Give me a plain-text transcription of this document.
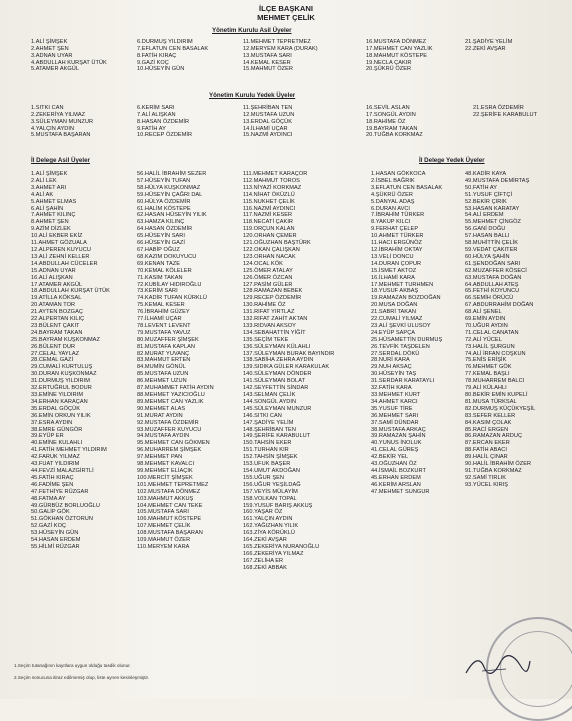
İLÇE BAŞKANI
MEHMET ÇELİK
Yönetim Kurulu Asil Üyeler
1.ALİ ŞİMŞEK
2.AHMET ŞEN
3.ADNAN UYAR
4.ABDULLAH KURŞAT ÜTÜK
5.ATAMER AKGÜL
6.DURMUŞ YILDIRIM
7.EFLATUN CEN BASALAK
8.FATİH KIRAÇ
9.GAZİ KOÇ
10.HÜSEYİN GÜN
11.MEHMET TEPRETMEZ
12.MERYEM KARA (DURAK)
13.MUSTAFA SARI
14.KEMAL KESER
15.MAHMUT ÖZER
16.MUSTAFA DÖNMEZ
17.MEHMET CAN YAZLIK
18.MAHMUT KÖSTEPE
19.NECLA ÇAKIR
20.ŞÜKRÜ ÖZER
21.ŞADİYE YELİM
22.ZEKİ AVŞAR
Yönetim Kurulu Yedek Üyeler
1.SITKI CAN
2.ZEKERİYA YILMAZ
3.SÜLEYMAN MUNZUR
4.YALÇIN AYDIN
5.MUSTAFA BAŞARAN
6.KERİM SARI
7.ALİ ALIŞKAN
8.HASAN ÖZDEMİR
9.FATİH AY
10.RECEP ÖZDEMİR
11.ŞEHRİBAN TEN
12.MUSTAFA UZUN
13.ERDAL GÖÇÜK
14.İLHAMİ UÇAR
15.NAZMİ AYDINCI
16.SEVİL ASLAN
17.SONGÜL AYDIN
18.RAHİME ÖZ
19.BAYRAM TAKAN
20.TUĞBA KORKMAZ
21.ESRA ÖZDEMİR
22.ŞERİFE KARABULUT
İl Delege Asil Üyeler	İl Delege Yedek Üyeler
1.ALİ ŞİMŞEK
2.ALİ LEK
3.AHMET ARI
4.ALİ AK
5.AHMET ELMAS
6.ALİ ŞAHİN
7.AHMET KILINÇ
8.AHMET ŞEN
9.AZİM DİZLEK
10.ALİ EKBER EKİZ
11.AHMET GÖZUALA
12.ALPEREN KUYUCU
13.ALİ ZEHNİ KELLER
14.ABDULLAH CÜCELER
15.ADNAN UYAR
16.ALİ ALIŞKAN
17.ATAMER AKGÜL
18.ABDULLAH KURŞAT ÜTÜK
19.ATİLLA KÖKSAL
20.ATAMAN TOR
21.AYTEN BOZGAÇ
22.ALPERTAN KILIÇ
23.BÜLENT ÇAKIT
24.BAYRAM TAKAN
25.BAYRAM KUŞKONMAZ
26.BÜLENT DUR
27.CELAL YAYLAZ
28.CEMAL GAZİ
29.CUMALİ KURTULUŞ
30.DURAN KUŞKONMAZ
31.DURMUŞ YILDIRIM
32.ERTUĞRUL BODUR
33.EMİNE YILDIRIM
34.ERHAN KARAÇAN
35.ERDAL GÖÇÜK
36.EMİN ORKUN YILIK
37.ESRA AYDIN
38.EMRE GÜNGÖR
39.EYÜP ER
40.EMİNE KULAHLI
41.FATİH MEHMET YILDIRIM
42.FARUK YILMAZ
43.FUAT YILDIRIM
44.FEVZİ MALAZGİRTLİ
45.FATİH KIRAÇ
46.FADİME ŞEN
47.FETHİYE RÜZGAR
48.FATMA AY
49.GÜRBÜZ BORLUOĞLU
50.GALİP GÖK
51.GÖKHAN ÖZTORUN
52.GAZİ KOÇ
53.HÜSEYİN GÜN
54.HASAN ERDEM
55.HİLMİ RÜZGAR
56.HALİL İBRAHİM SEZER
57.HÜSEYİN TUFAN
58.HÜLYA KUŞKONMAZ
59.HÜSEYİN ÇAĞRI DAL
60.HÜLYA ÖZDEMİR
61.HALİM KÖSTEPE
62.HASAN HÜSEYİN YILIK
63.HAMZA KILINÇ
64.HASAN ÖZDEMİR
65.HÜSEYİN SARI
66.HÜSEYİN GAZİ
67.HABİP OĞUZ
68.KAZIM DOKUYUCU
69.KENAN TAZE
70.KEMAL KÖLELER
71.KASIM TAKAN
72.KUBİLAY HIDIROĞLU
73.KERİM SARI
74.KADİR TUFAN KÜRKLÜ
75.KEMAL KESER
76.İBRAHİM GÜZEY
77.İLHAMİ UÇAR
78.LEVENT LEVENT
79.MUSTAFA YAVUZ
80.MUZAFFER ŞİMŞEK
81.MUSTAFA KAPLAN
82.MURAT YUVANÇ
83.MAHMUT ERTEN
84.MUMİN GÖNÜL
85.MUSTAFA UZUN
86.MEHMET UZUN
87.MUHAMMET FATİH AYDIN
88.MEHMET YAZICIOĞLU
89.MEHMET CAN YAZLIK
90.MEHMET ALAS
91.MURAT AYDIN
92.MUSTAFA ÖZDEMİR
93.MUZAFFER KUYUCU
94.MUSTAFA AYDIN
95.MEHMET CAN GÖKMEN
96.MUHARREM ŞİMŞEK
97.MEHMET PAN
98.MEHMET KAVALCI
99.MEHMET ELİAÇIK
100.MERCİT ŞİMŞEK
101.MEHMET TEPRETMEZ
102.MUSTAFA DÖNMEZ
103.MAHMUT AKKUŞ
104.MEHMET CAN TEKE
105.MUSTAFA SARI
106.MAHMUT KÖSTEPE
107.MEHMET ÇELİK
108.MUSTAFA BAŞARAN
109.MAHMUT ÖZER
110.MERYEM KARA
111.MEHMET KARAÇOR
112.MAHMUT TOROS
113.NİYAZİ KORKMAZ
114.NİHAT ÖKÜZLÜ
115.NUKHET ÇELİK
116.NAZMİ AYDINCI
117.NAZMİ KESER
118.NECATİ ÇAKIR
119.ORÇUN KALAN
120.ORHAN ÇEMER
121.OĞUZHAN BAŞTÜRK
122.OKAN ÇALIŞKAN
123.ORHAN NACAK
124.OCAL KÖK
125.ÖMER ATALAY
126.ÖMER ÖZCAN
127.PASİM GÜLER
128.RAMAZAN BEBEK
129.RECEP ÖZDEMİR
130.RAHİME ÖZ
131.RIFAT YIRTLAZ
132.RIFAT ZAHİT AKTAN
133.RIDVAN AKSOY
134.SEBAHATTİN YİĞİT
135.SEÇİM TEKE
136.SÜLEYMAN KÜLAHLI
137.SÜLEYMAN BURAK BAYINDIR
138.SABİHA ZEHRA AYDIN
139.SIDIKA GÜLER KARAKULAK
140.SÜLEYMAN DÖNDER
141.SÜLEYMAN BOLAT
142.SEYFETTİN SİNDAR
143.SELMAN ÇELİK
144.SONGÜL AYDIN
145.SÜLEYMAN MUNZUR
146.SITKI CAN
147.ŞADİYE YELİM
148.ŞEHRİBAN TEN
149.ŞERİFE KARABULUT
150.TAHSİN EKER
151.TURHAN KIR
152.TAHSİN ŞİMŞEK
153.UFUK BAŞER
154.UMUT AKDOĞAN
155.UĞUR ŞEN
156.UĞUR YEŞİLDAĞ
157.VEYİS MÜLAYİM
158.VOLKAN TOPAL
159.YUSUF BARIŞ AKKUŞ
160.YAŞAR ÖZ
161.YALÇIN AYDIN
162.YAĞIZHAN YILIK
163.ZİYA KÖRÜKLÜ
164.ZEKİ AVŞAR
165.ZEKERİYA NURANOĞLU
166.ZEKERİYA YILMAZ
167.ZELİHA ER
168.ZEKİ ABBAK
1.HASAN GÖKKOCA
2.İSBEL BAĞRIK
3.EFLATUN CEN BASALAK
4.ŞÜKRÜ ÖZER
5.DANYAL ADAŞ
6.DURAN AVCI
7.İBRAHİM TÜRKER
8.YAKUP KILCI
9.FERHAT ÇELEP
10.AHMET TÜRKER
11.HACI ERGÜNÖZ
12.İBRAHİM OKTAY
13.VELİ DONCU
14.DURAN ÇOPUR
15.İSMET AKTOZ
16.İLHAMİ KARA
17.MEHMET TURHMEN
18.YUSUF AKBAŞ
19.RAMAZAN BOZDOĞAN
20.MUSA DOĞAN
21.SABRİ TAKAN
22.CUMALİ YILMAZ
23.ALİ ŞEVKİ ULUSOY
24.EYÜP SAPÇA
25.HÜSAMETTİN DURMUŞ
26.TEVFİK TAŞDELEN
27.SERDAL DÖKÜ
28.NURİ KARA
29.NUH AKSAÇ
30.HÜSEYİN TAŞ
31.SERDAR KARATAYLI
32.FATİH KARA
33.MEHMET KURT
34.AHMET KARCI
35.YUSUF TİRE
36.MEHMET SARI
37.SAMİ DÜNDAR
38.MUSTAFA ARKAÇ
39.RAMAZAN ŞAHİN
40.YUNUS İNOLUK
41.CELAL GÜREŞ
42.BEKİR YEL
43.OĞUZHAN ÖZ
44.İSMAİL BOZKURT
45.ERHAN ERDEM
46.KERİM ARSLAN
47.MEHMET SUNGUR
48.KADİR KAYA
49.MUSTAFA DEMİRTAŞ
50.FATİH AY
51.YUSUF ÇİFTÇİ
52.BEKİR ÇIRIK
53.HASAN KARATAY
54.ALİ ERDEM
55.MEHMET ÇİNGÖZ
56.GANİ DOĞU
57.HASAN BALLI
58.MUHİTTİN ÇELİK
59.VEDAT ÇAKITER
60.HÜLYA ŞAHİN
61.ŞENDOĞAN SARI
62.MUZAFFER KÖSECİ
63.MUSTAFA DOĞAN
64.ABDULLAH ATEŞ
65.FETHİ KOYUNCU
66.SEMİH ÖRÜCÜ
67.ABDURRAHİM DOĞAN
68.ALİ ŞENEL
69.EMİN AYDIN
70.UĞUR AYDIN
71.CELAL CANATAN
72.ALİ YÜCEL
73.HALİL ŞURGUN
74.ALİ İRFAN COŞKUN
75.ENİS ERİŞİK
76.MEHMET GÖK
77.KEMAL BAŞLI
78.MUHARREM BALCI
79.ALİ KÜLAHLI
80.BEKİR EMİN KUPELİ
81.MUSA TÜRKSAL
82.DURMUŞ KÜÇÜKYEŞİL
83.SEFER KELLER
84.KASIM ÇOLAK
85.RACİ ERGEN
86.RAMAZAN ARDUÇ
87.ERCAN EKER
88.FATİH ABACI
89.HALİL ÇINAR
90.HALİL İBRAHİM ÖZER
91.TUĞBA KORKMAZ
92.SAMİ TIRLIK
93.YÜCEL KIRIŞ
1.Seçim tutanağının kayıtlara uygun olduğu tasdik olunur.
2.Seçim sonucuna itiraz edilmemiş olup, liste aynen kesinleşmiştir.
